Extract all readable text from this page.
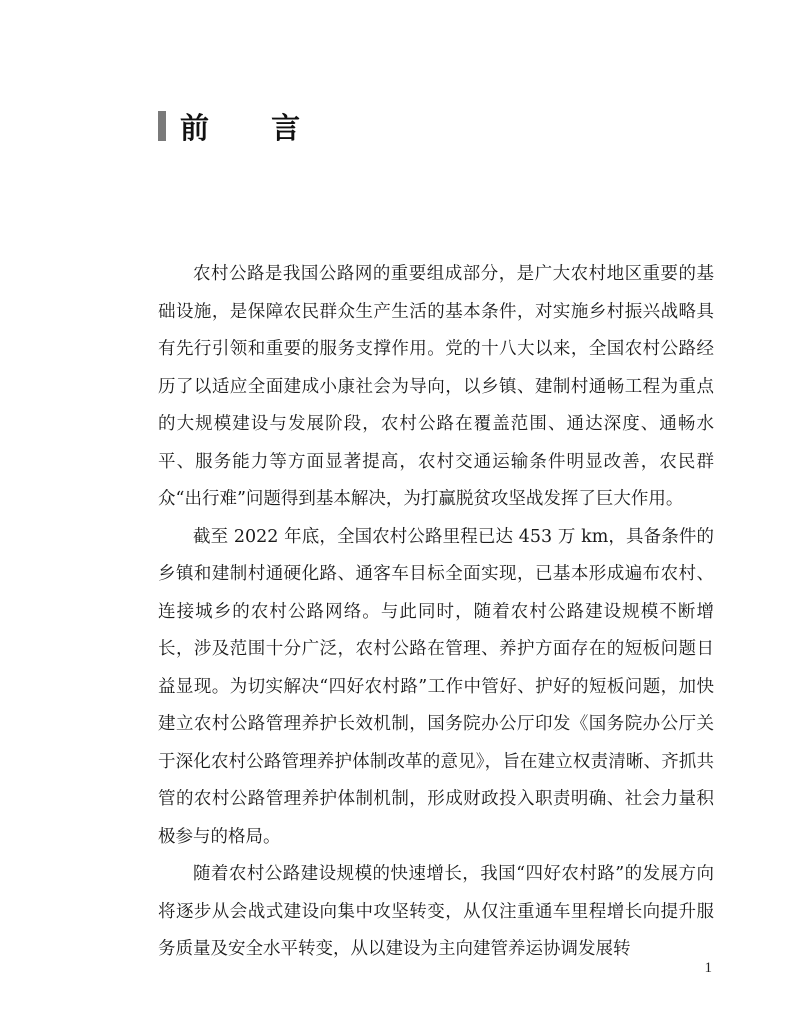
前 言

农村公路是我国公路网的重要组成部分，是广大农村地区重要的基础设施，是保障农民群众生产生活的基本条件，对实施乡村振兴战略具有先行引领和重要的服务支撑作用。党的十八大以来，全国农村公路经历了以适应全面建成小康社会为导向，以乡镇、建制村通畅工程为重点的大规模建设与发展阶段，农村公路在覆盖范围、通达深度、通畅水平、服务能力等方面显著提高，农村交通运输条件明显改善，农民群众“出行难”问题得到基本解决，为打赢脱贫攻坚战发挥了巨大作用。

截至 2022 年底，全国农村公路里程已达 453 万 km，具备条件的乡镇和建制村通硬化路、通客车目标全面实现，已基本形成遍布农村、连接城乡的农村公路网络。与此同时，随着农村公路建设规模不断增长，涉及范围十分广泛，农村公路在管理、养护方面存在的短板问题日益显现。为切实解决“四好农村路”工作中管好、护好的短板问题，加快建立农村公路管理养护长效机制，国务院办公厅印发《国务院办公厅关于深化农村公路管理养护体制改革的意见》，旨在建立权责清晰、齐抓共管的农村公路管理养护体制机制，形成财政投入职责明确、社会力量积极参与的格局。

随着农村公路建设规模的快速增长，我国“四好农村路”的发展方向将逐步从会战式建设向集中攻坚转变，从仅注重通车里程增长向提升服务质量及安全水平转变，从以建设为主向建管养运协调发展转

1
